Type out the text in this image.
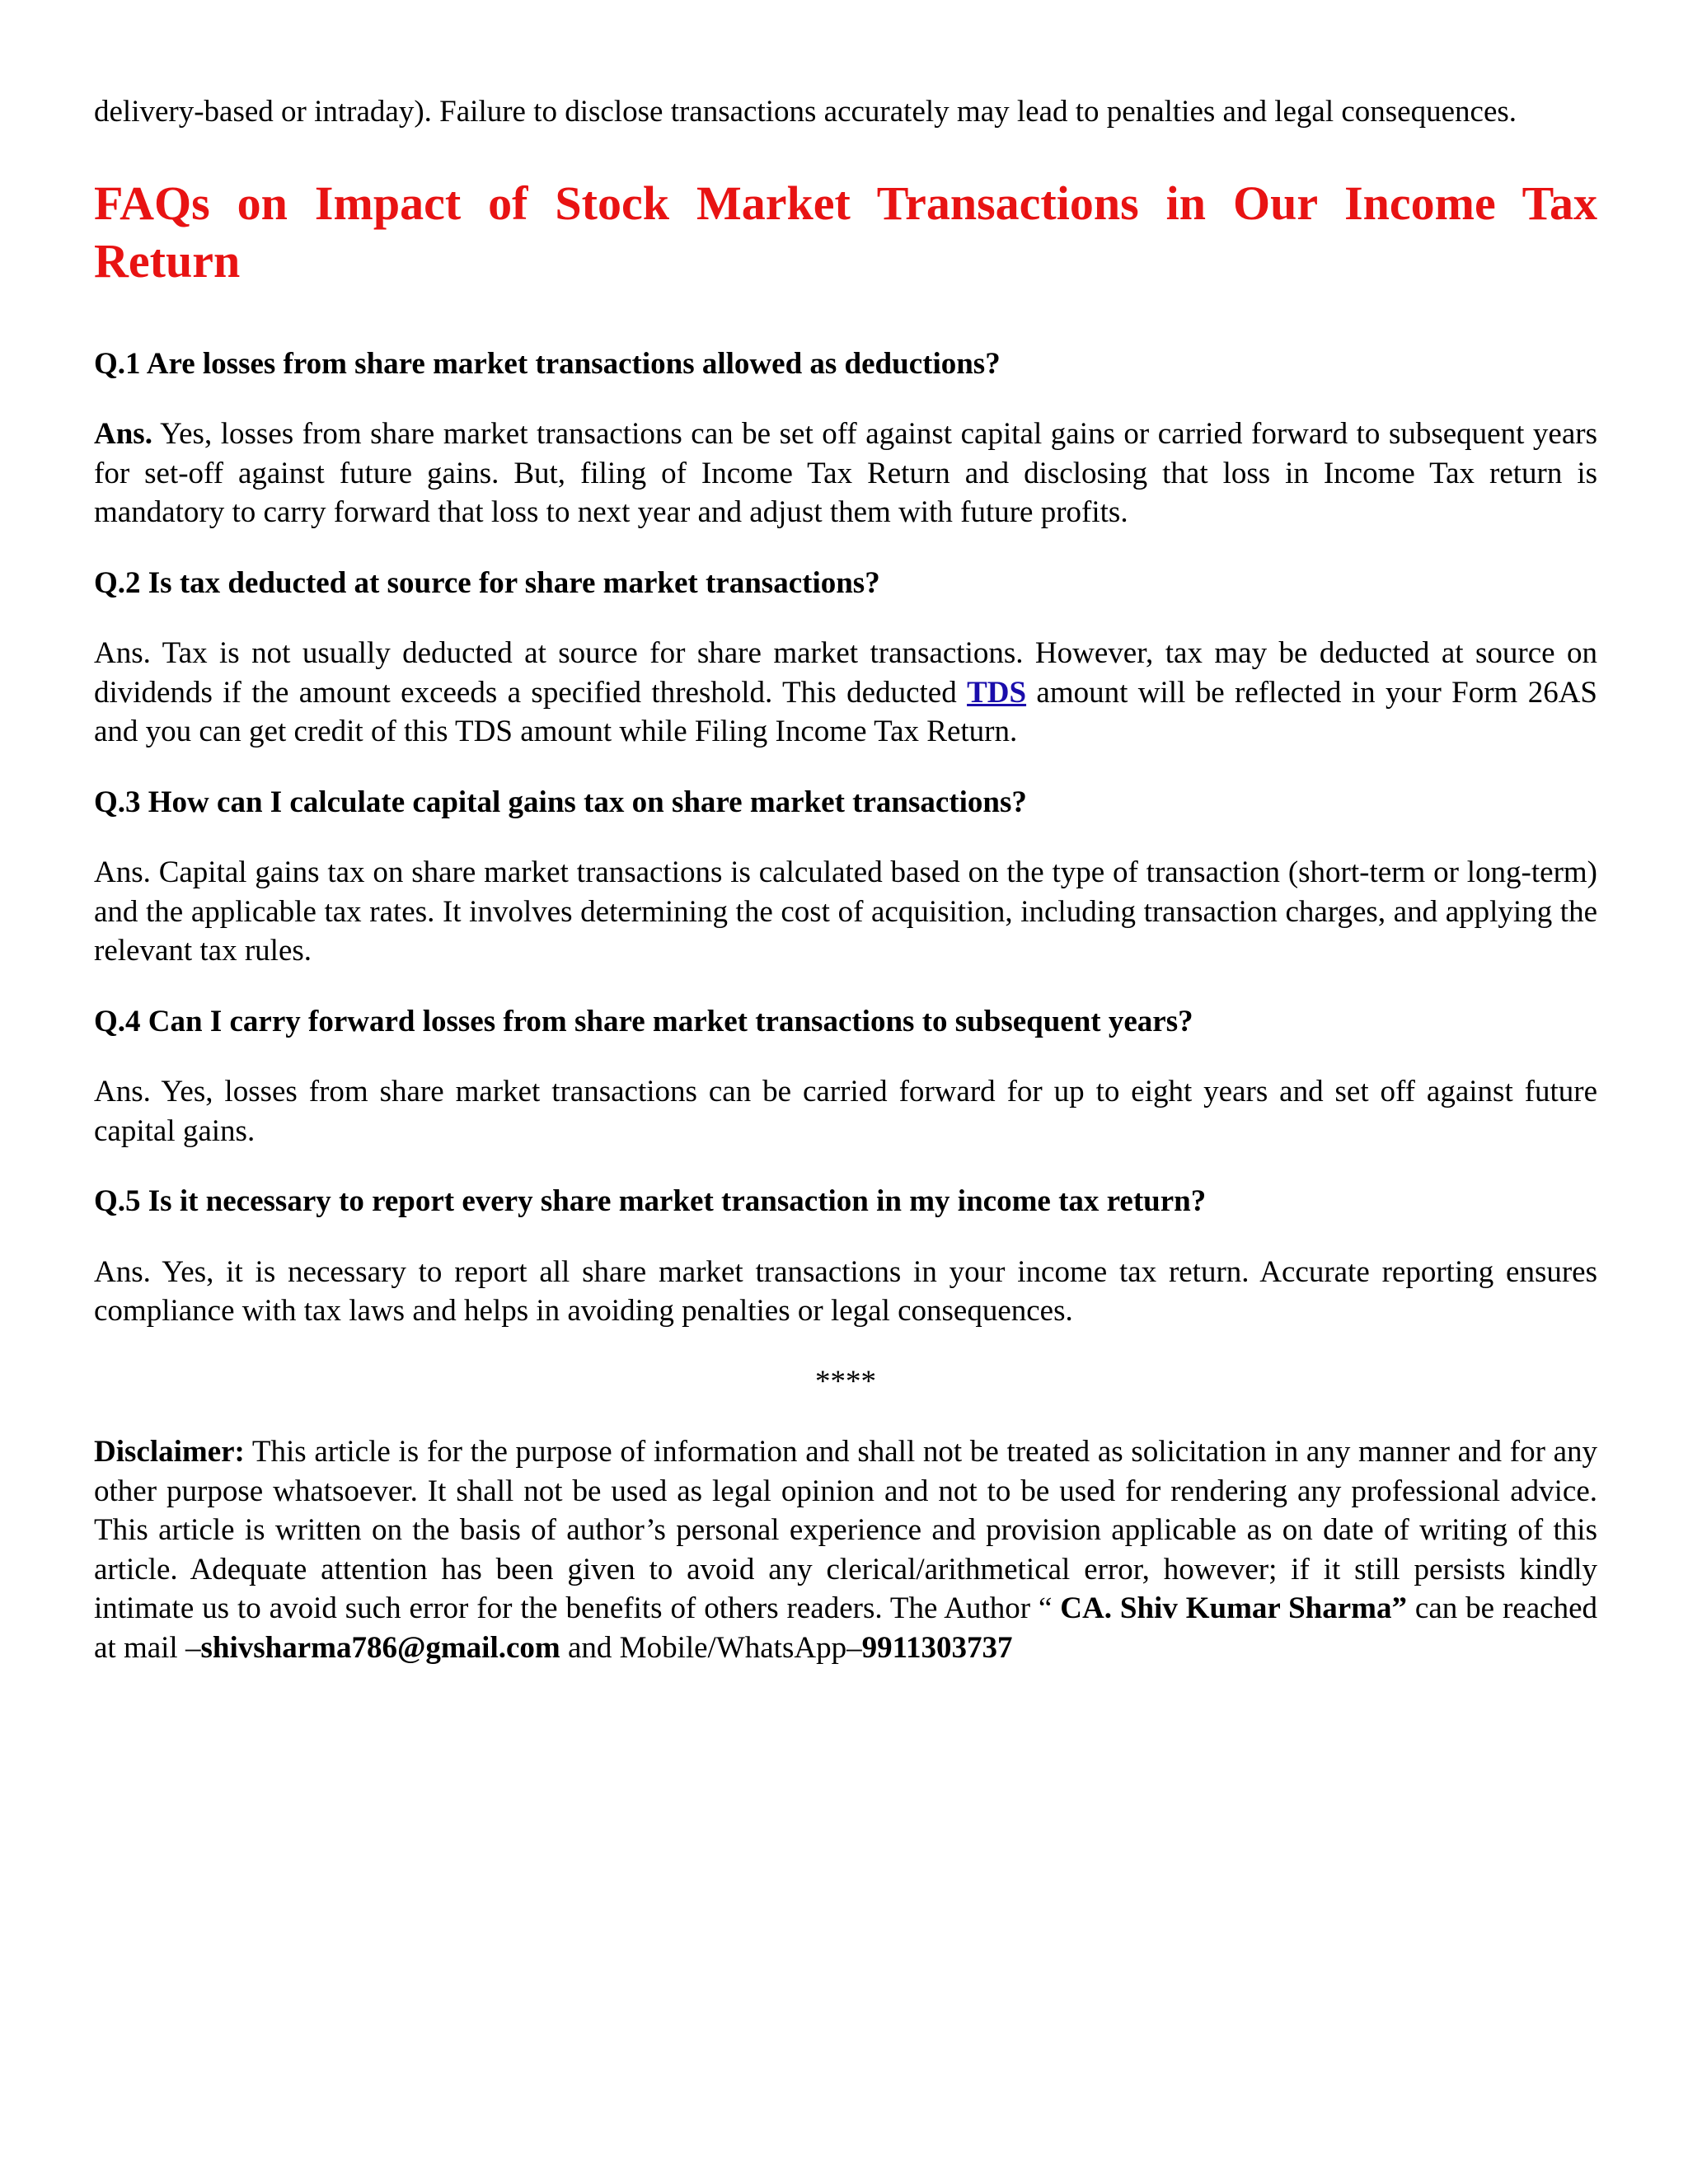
delivery-based or intraday). Failure to disclose transactions accurately may lead to penalties and legal consequences.

FAQs on Impact of Stock Market Transactions in Our Income Tax Return

Q.1 Are losses from share market transactions allowed as deductions?

Ans. Yes, losses from share market transactions can be set off against capital gains or carried forward to subsequent years for set-off against future gains. But, filing of Income Tax Return and disclosing that loss in Income Tax return is mandatory to carry forward that loss to next year and adjust them with future profits.

Q.2 Is tax deducted at source for share market transactions?

Ans. Tax is not usually deducted at source for share market transactions. However, tax may be deducted at source on dividends if the amount exceeds a specified threshold. This deducted TDS amount will be reflected in your Form 26AS and you can get credit of this TDS amount while Filing Income Tax Return.

Q.3 How can I calculate capital gains tax on share market transactions?

Ans. Capital gains tax on share market transactions is calculated based on the type of transaction (short-term or long-term) and the applicable tax rates. It involves determining the cost of acquisition, including transaction charges, and applying the relevant tax rules.

Q.4 Can I carry forward losses from share market transactions to subsequent years?

Ans. Yes, losses from share market transactions can be carried forward for up to eight years and set off against future capital gains.

Q.5 Is it necessary to report every share market transaction in my income tax return?

Ans. Yes, it is necessary to report all share market transactions in your income tax return. Accurate reporting ensures compliance with tax laws and helps in avoiding penalties or legal consequences.

****

Disclaimer: This article is for the purpose of information and shall not be treated as solicitation in any manner and for any other purpose whatsoever. It shall not be used as legal opinion and not to be used for rendering any professional advice. This article is written on the basis of author’s personal experience and provision applicable as on date of writing of this article. Adequate attention has been given to avoid any clerical/arithmetical error, however; if it still persists kindly intimate us to avoid such error for the benefits of others readers. The Author “ CA. Shiv Kumar Sharma” can be reached at mail –shivsharma786@gmail.com and Mobile/WhatsApp–9911303737
